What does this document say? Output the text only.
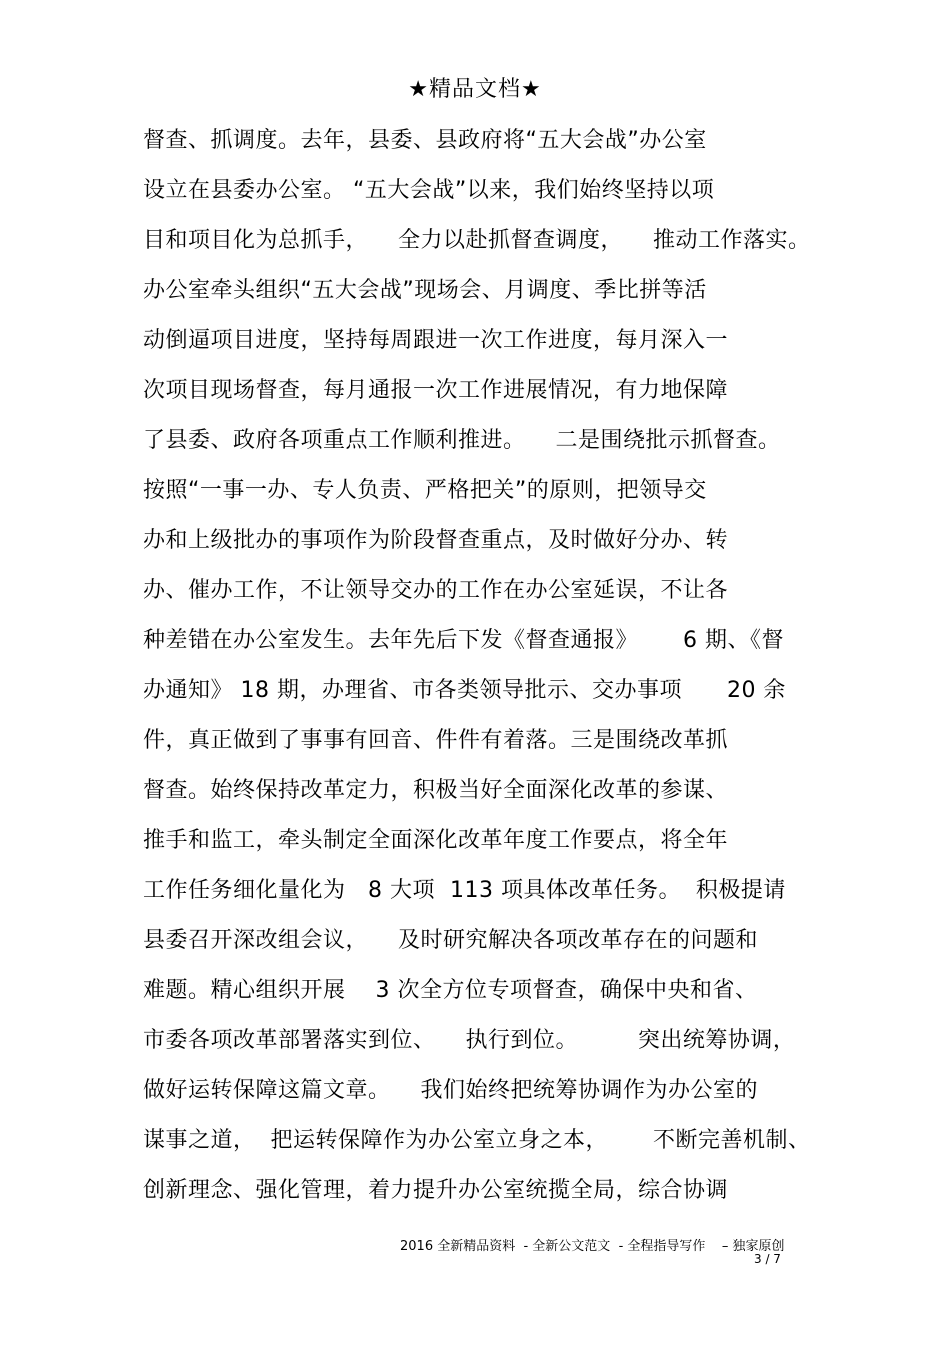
★精品文档★
督查、抓调度。去年，县委、县政府将“五大会战”办公室
设立在县委办公室。 “五大会战”以来，我们始终坚持以项
目和项目化为总抓手，    全力以赴抓督查调度，    推动工作落实。
办公室牵头组织“五大会战”现场会、月调度、季比拼等活
动倒逼项目进度，坚持每周跟进一次工作进度，每月深入一
次项目现场督查，每月通报一次工作进展情况，有力地保障
了县委、政府各项重点工作顺利推进。    二是围绕批示抓督查。
按照“一事一办、专人负责、严格把关”的原则，把领导交
办和上级批办的事项作为阶段督查重点，及时做好分办、转
办、催办工作，不让领导交办的工作在办公室延误，不让各
种差错在办公室发生。去年先后下发《督查通报》      6 期、《督
办通知》 18 期，办理省、市各类领导批示、交办事项      20 余
件，真正做到了事事有回音、件件有着落。三是围绕改革抓
督查。始终保持改革定力，积极当好全面深化改革的参谋、
推手和监工，牵头制定全面深化改革年度工作要点，将全年
工作任务细化量化为   8 大项  113 项具体改革任务。  积极提请
县委召开深改组会议，    及时研究解决各项改革存在的问题和
难题。精心组织开展    3 次全方位专项督查，确保中央和省、
市委各项改革部署落实到位、    执行到位。        突出统筹协调，
做好运转保障这篇文章。    我们始终把统筹协调作为办公室的
谋事之道，  把运转保障作为办公室立身之本，      不断完善机制、
创新理念、强化管理，着力提升办公室统揽全局，综合协调
2016 全新精品资料  - 全新公文范文  - 全程指导写作    – 独家原创
3 / 7
